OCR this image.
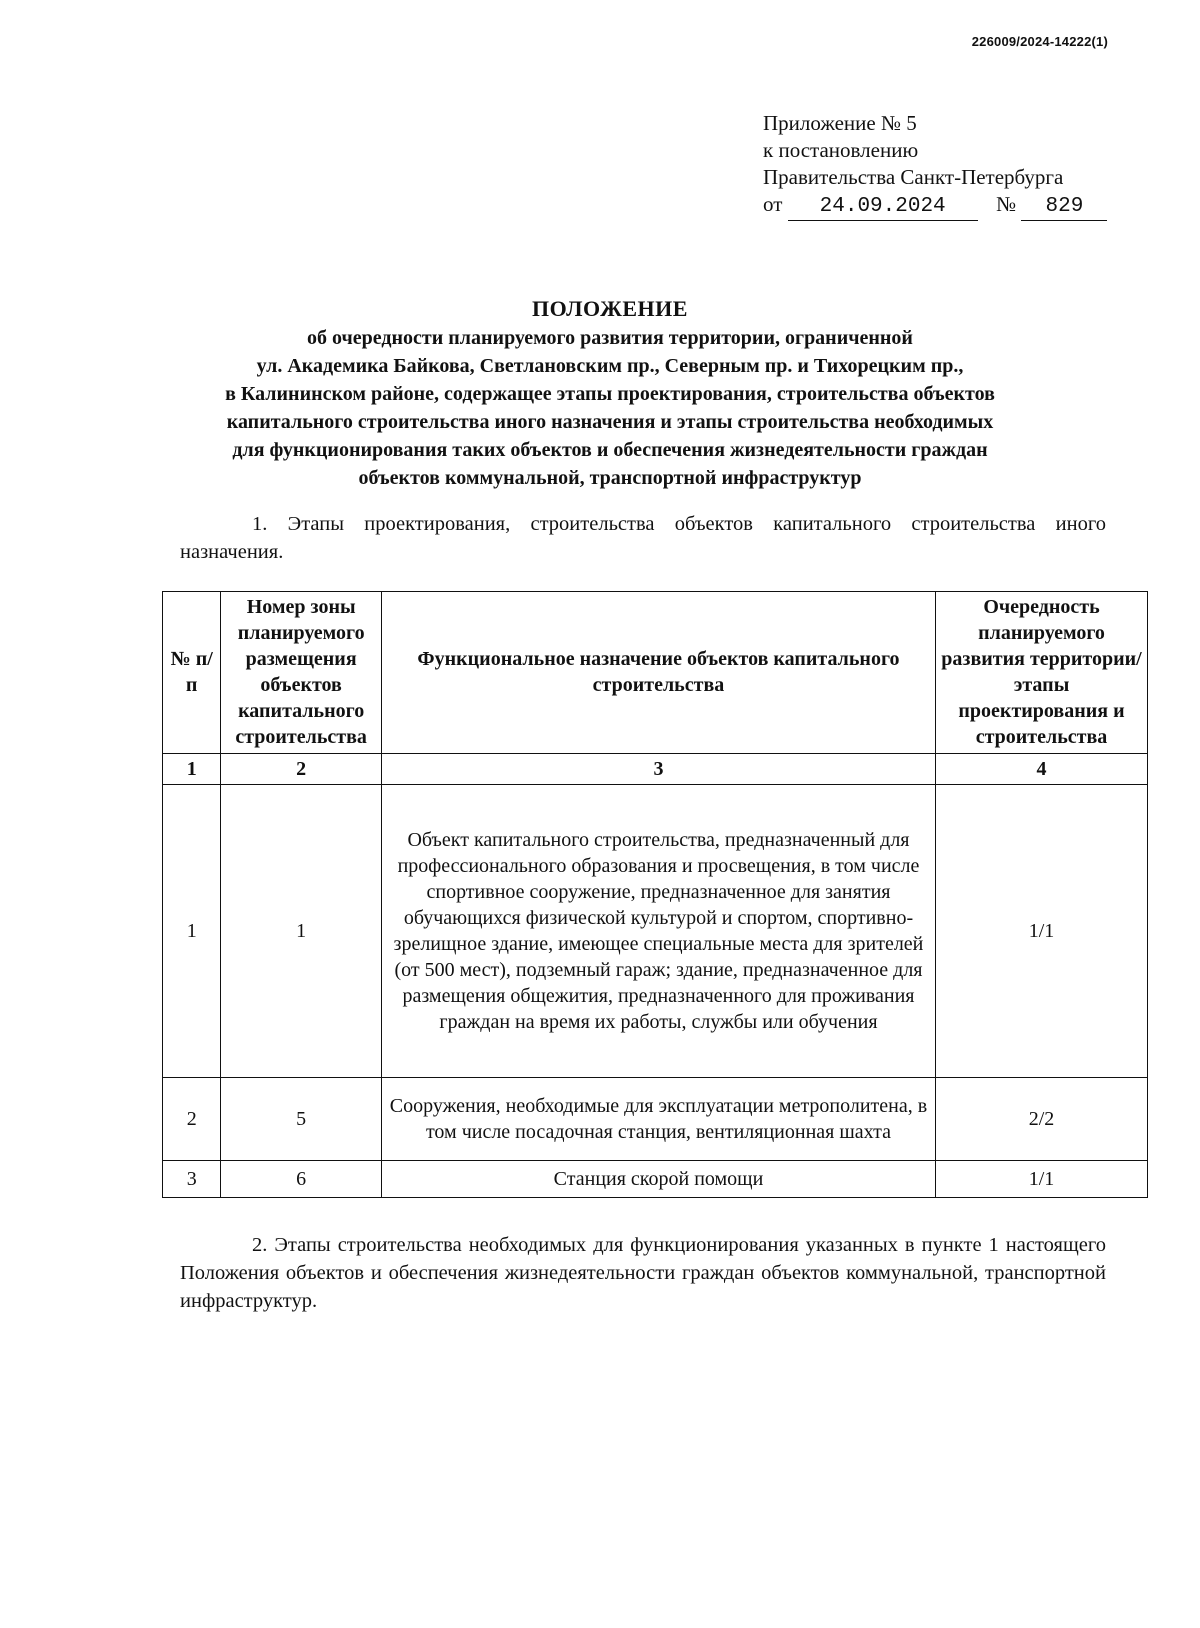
226009/2024-14222(1)
Приложение № 5
к постановлению
Правительства Санкт-Петербурга
от 24.09.2024 № 829
ПОЛОЖЕНИЕ
об очередности планируемого развития территории, ограниченной
ул. Академика Байкова, Светлановским пр., Северным пр. и Тихорецким пр.,
в Калининском районе, содержащее этапы проектирования, строительства объектов
капитального строительства иного назначения и этапы строительства необходимых
для функционирования таких объектов и обеспечения жизнедеятельности граждан
объектов коммунальной, транспортной инфраструктур
1. Этапы проектирования, строительства объектов капитального строительства иного назначения.
№ п/п	Номер зоны планируемого размещения объектов капитального строительства	Функциональное назначение объектов капитального строительства	Очередность планируемого развития территории/этапы проектирования и строительства
1	2	3	4
1	1	Объект капитального строительства, предназначенный для профессионального образования и просвещения, в том числе спортивное сооружение, предназначенное для занятия обучающихся физической культурой и спортом, спортивно-зрелищное здание, имеющее специальные места для зрителей (от 500 мест), подземный гараж; здание, предназначенное для размещения общежития, предназначенного для проживания граждан на время их работы, службы или обучения	1/1
2	5	Сооружения, необходимые для эксплуатации метрополитена, в том числе посадочная станция, вентиляционная шахта	2/2
3	6	Станция скорой помощи	1/1
2. Этапы строительства необходимых для функционирования указанных в пункте 1 настоящего Положения объектов и обеспечения жизнедеятельности граждан объектов коммунальной, транспортной инфраструктур.
